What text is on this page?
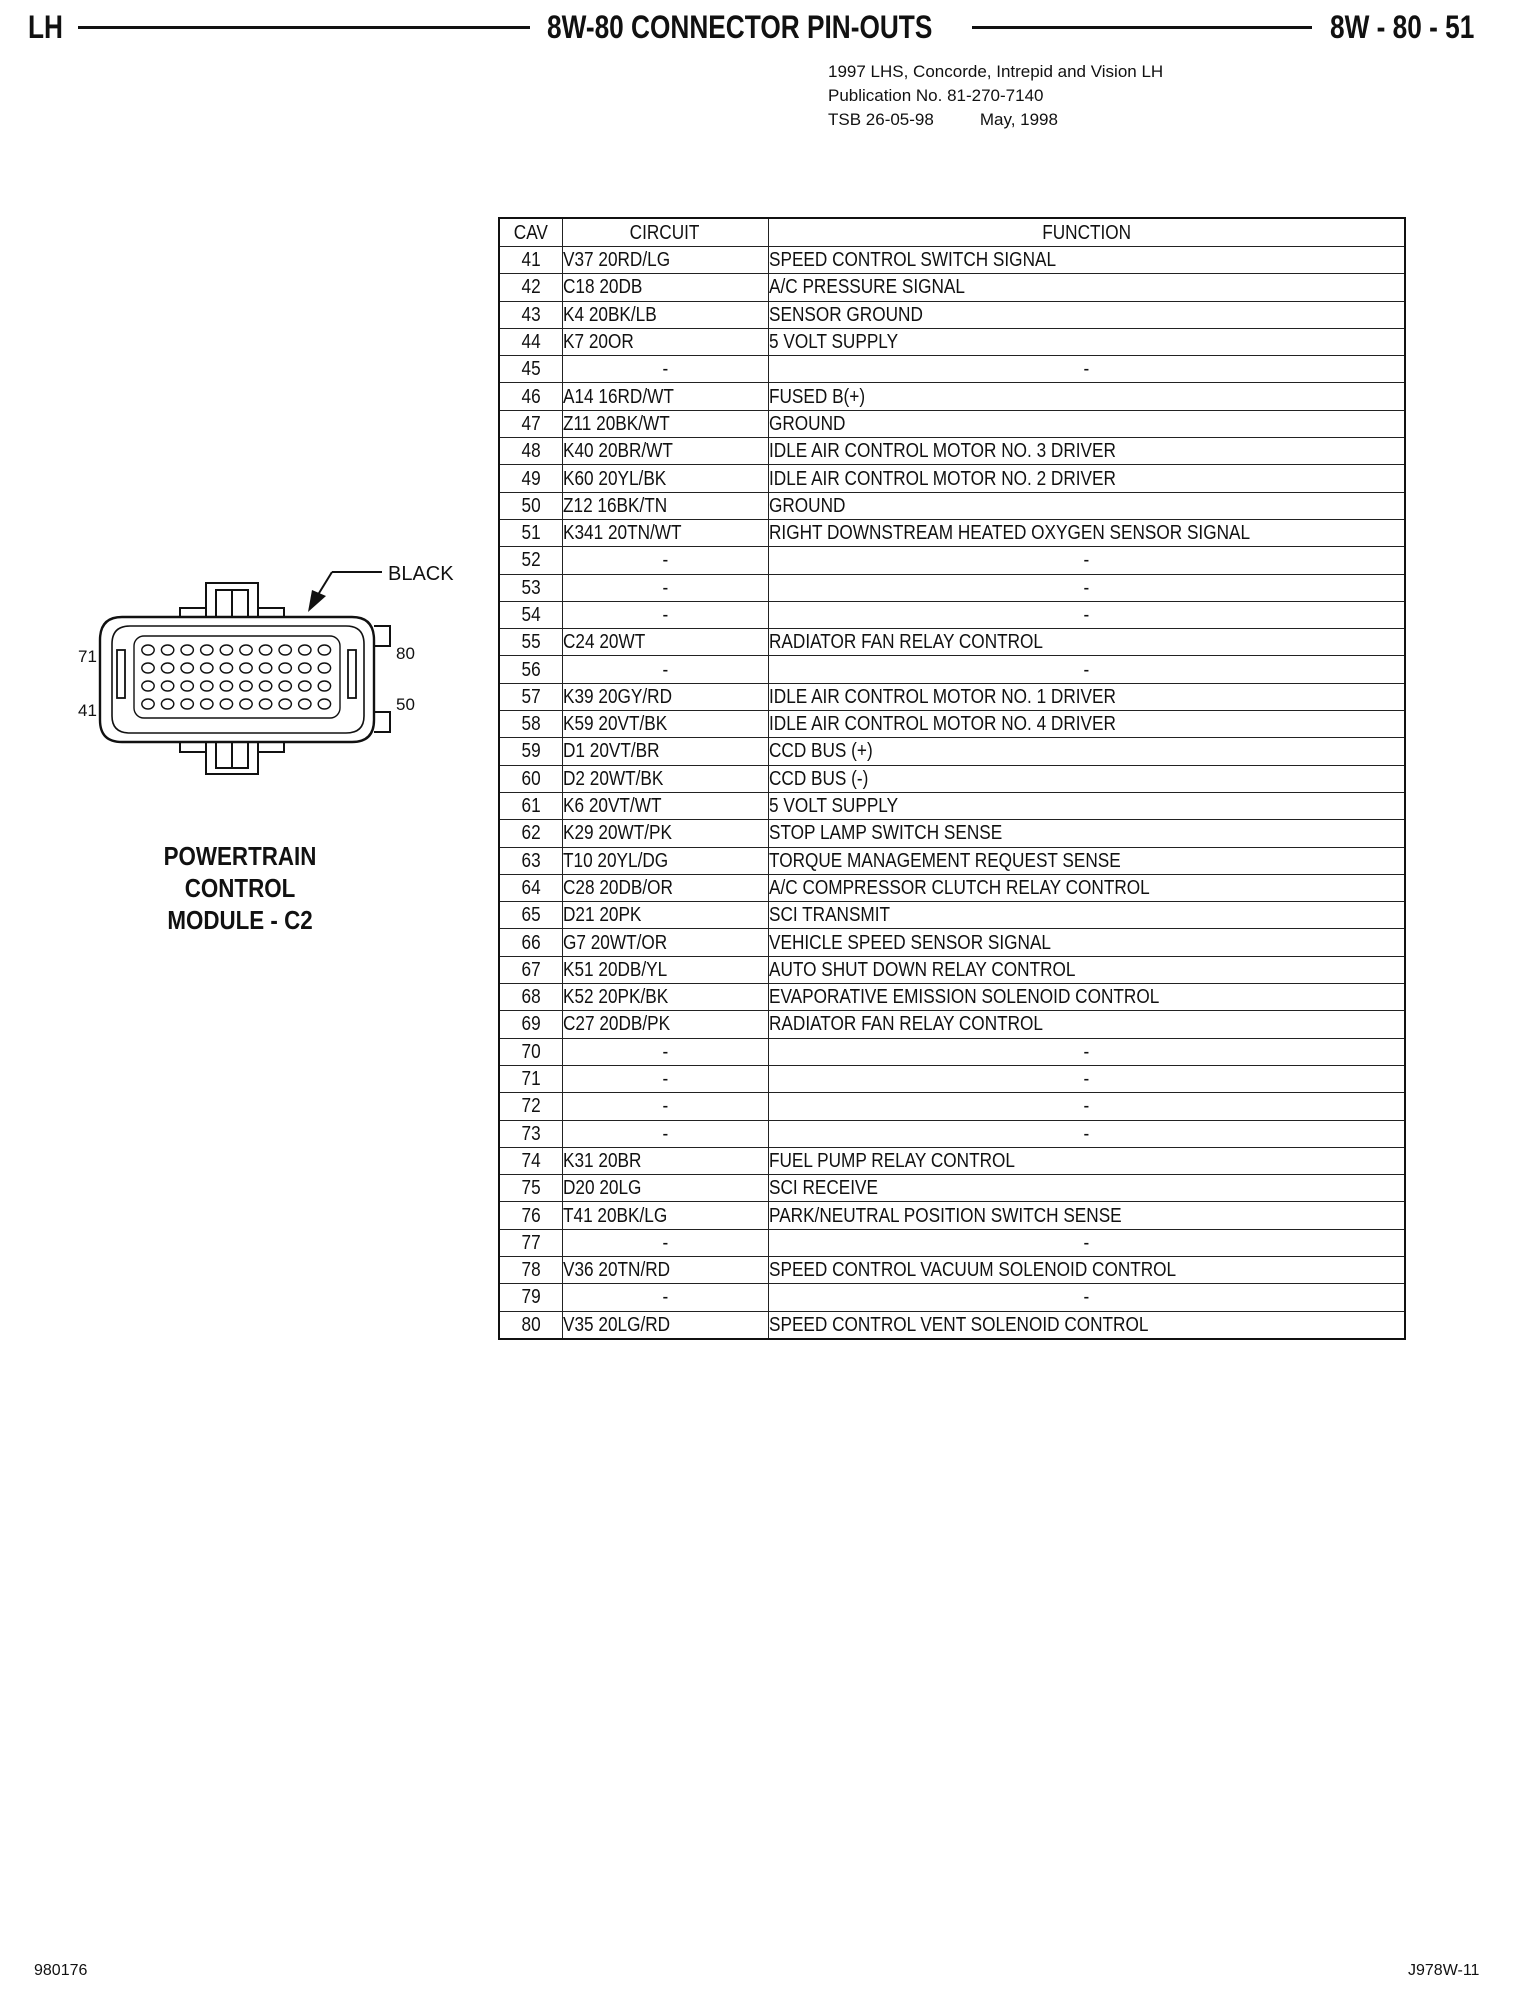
LH	8W-80 CONNECTOR PIN-OUTS	8W - 80 - 51
1997 LHS, Concorde, Intrepid and Vision LH
Publication No. 81-270-7140
TSB 26-05-98	May, 1998
BLACK
71
41
80
50
POWERTRAIN
CONTROL
MODULE - C2
CAV	CIRCUIT	FUNCTION
41	V37 20RD/LG	SPEED CONTROL SWITCH SIGNAL
42	C18 20DB	A/C PRESSURE SIGNAL
43	K4 20BK/LB	SENSOR GROUND
44	K7 20OR	5 VOLT SUPPLY
45	-	-
46	A14 16RD/WT	FUSED B(+)
47	Z11 20BK/WT	GROUND
48	K40 20BR/WT	IDLE AIR CONTROL MOTOR NO. 3 DRIVER
49	K60 20YL/BK	IDLE AIR CONTROL MOTOR NO. 2 DRIVER
50	Z12 16BK/TN	GROUND
51	K341 20TN/WT	RIGHT DOWNSTREAM HEATED OXYGEN SENSOR SIGNAL
52	-	-
53	-	-
54	-	-
55	C24 20WT	RADIATOR FAN RELAY CONTROL
56	-	-
57	K39 20GY/RD	IDLE AIR CONTROL MOTOR NO. 1 DRIVER
58	K59 20VT/BK	IDLE AIR CONTROL MOTOR NO. 4 DRIVER
59	D1 20VT/BR	CCD BUS (+)
60	D2 20WT/BK	CCD BUS (-)
61	K6 20VT/WT	5 VOLT SUPPLY
62	K29 20WT/PK	STOP LAMP SWITCH SENSE
63	T10 20YL/DG	TORQUE MANAGEMENT REQUEST SENSE
64	C28 20DB/OR	A/C COMPRESSOR CLUTCH RELAY CONTROL
65	D21 20PK	SCI TRANSMIT
66	G7 20WT/OR	VEHICLE SPEED SENSOR SIGNAL
67	K51 20DB/YL	AUTO SHUT DOWN RELAY CONTROL
68	K52 20PK/BK	EVAPORATIVE EMISSION SOLENOID CONTROL
69	C27 20DB/PK	RADIATOR FAN RELAY CONTROL
70	-	-
71	-	-
72	-	-
73	-	-
74	K31 20BR	FUEL PUMP RELAY CONTROL
75	D20 20LG	SCI RECEIVE
76	T41 20BK/LG	PARK/NEUTRAL POSITION SWITCH SENSE
77	-	-
78	V36 20TN/RD	SPEED CONTROL VACUUM SOLENOID CONTROL
79	-	-
80	V35 20LG/RD	SPEED CONTROL VENT SOLENOID CONTROL
980176	J978W-11
